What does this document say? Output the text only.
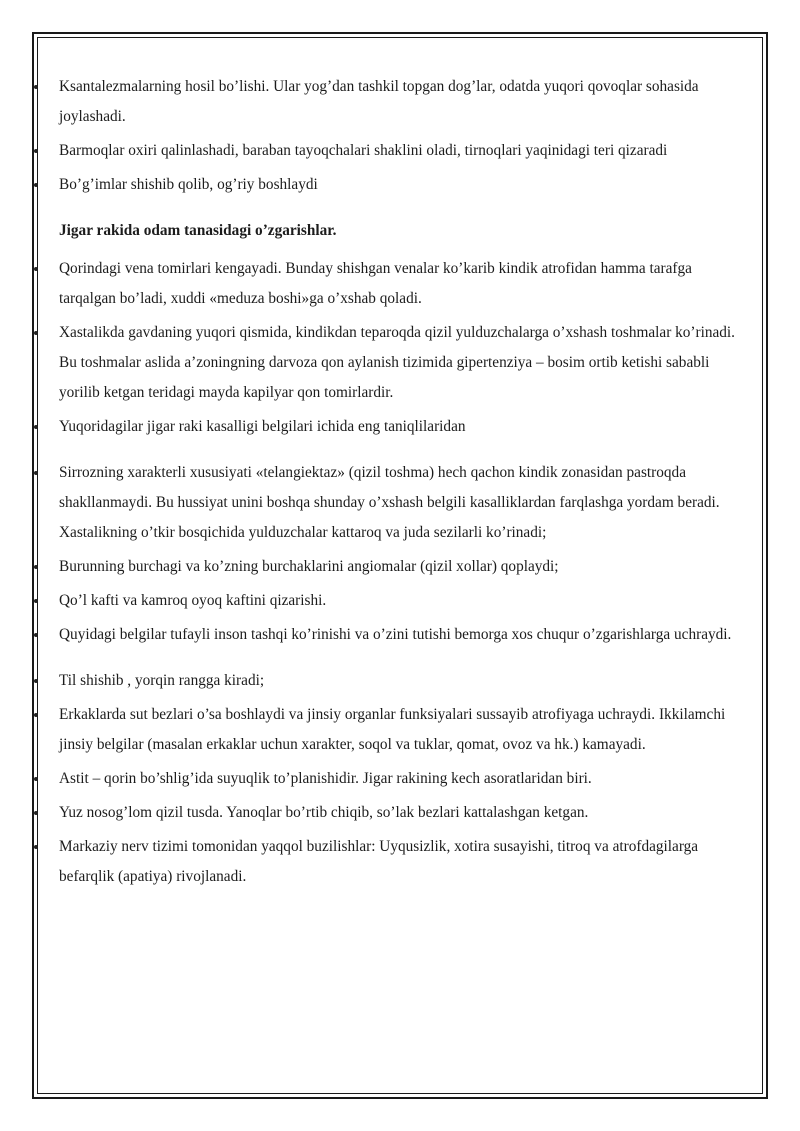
Ksantalezmalarning hosil bo’lishi. Ular yog’dan tashkil topgan dog’lar, odatda yuqori qovoqlar sohasida joylashadi.

Barmoqlar oxiri qalinlashadi, baraban tayoqchalari shaklini oladi, tirnoqlari yaqinidagi teri qizaradi

Bo’g’imlar shishib qolib, og’riy boshlaydi

Jigar rakida odam tanasidagi o’zgarishlar.

Qorindagi vena tomirlari kengayadi. Bunday shishgan venalar ko’karib kindik atrofidan hamma tarafga tarqalgan bo’ladi, xuddi «meduza boshi»ga o’xshab qoladi.

Xastalikda gavdaning yuqori qismida, kindikdan teparoqda qizil yulduzchalarga o’xshash toshmalar ko’rinadi. Bu toshmalar aslida a’zoningning darvoza qon aylanish tizimida gipertenziya – bosim ortib ketishi sababli yorilib ketgan teridagi mayda kapilyar qon tomirlardir.

Yuqoridagilar jigar raki kasalligi belgilari ichida eng taniqlilaridan

Sirrozning xarakterli xususiyati «telangiektaz» (qizil toshma) hech qachon kindik zonasidan pastroqda shakllanmaydi. Bu hussiyat unini boshqa shunday o’xshash belgili kasalliklardan farqlashga yordam beradi. Xastalikning o’tkir bosqichida yulduzchalar kattaroq va juda sezilarli ko’rinadi;

Burunning burchagi va ko’zning burchaklarini angiomalar (qizil xollar) qoplaydi;

Qo’l kafti va kamroq oyoq kaftini qizarishi.

Quyidagi belgilar tufayli inson tashqi ko’rinishi va o’zini tutishi bemorga xos chuqur o’zgarishlarga uchraydi.

Til shishib , yorqin rangga kiradi;

Erkaklarda sut bezlari o’sa boshlaydi va jinsiy organlar funksiyalari sussayib atrofiyaga uchraydi. Ikkilamchi jinsiy belgilar (masalan erkaklar uchun xarakter, soqol va tuklar, qomat, ovoz va hk.) kamayadi.

Astit – qorin bo’shlig’ida suyuqlik to’planishidir. Jigar rakining kech asoratlaridan biri.

Yuz nosog’lom qizil tusda. Yanoqlar bo’rtib chiqib, so’lak bezlari kattalashgan ketgan.

Markaziy nerv tizimi tomonidan yaqqol buzilishlar: Uyqusizlik, xotira susayishi, titroq va atrofdagilarga befarqlik (apatiya) rivojlanadi.
